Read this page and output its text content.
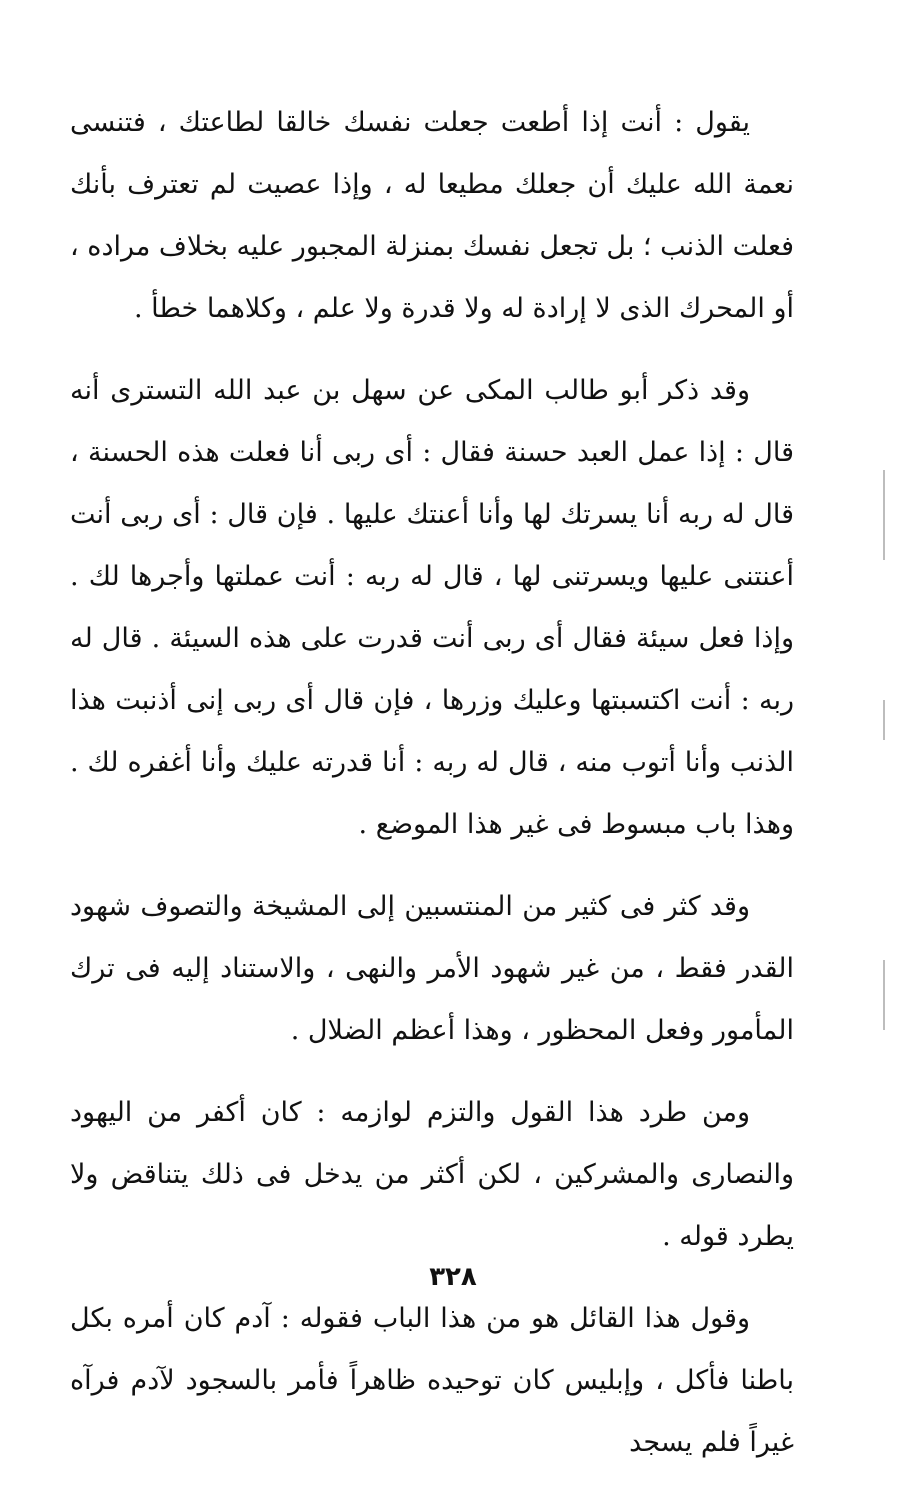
يقول : أنت إذا أطعت جعلت نفسك خالقا لطاعتك ، فتنسى نعمة الله عليك أن جعلك مطيعا له ، وإذا عصيت لم تعترف بأنك فعلت الذنب ؛ بل تجعل نفسك بمنزلة المجبور عليه بخلاف مراده ، أو المحرك الذى لا إرادة له ولا قدرة ولا علم ، وكلاهما خطأ .

وقد ذكر أبو طالب المكى عن سهل بن عبد الله التسترى أنه قال : إذا عمل العبد حسنة فقال : أى ربى أنا فعلت هذه الحسنة ، قال له ربه أنا يسرتك لها وأنا أعنتك عليها . فإن قال : أى ربى أنت أعنتنى عليها ويسرتنى لها ، قال له ربه : أنت عملتها وأجرها لك . وإذا فعل سيئة فقال أى ربى أنت قدرت على هذه السيئة . قال له ربه : أنت اكتسبتها وعليك وزرها ، فإن قال أى ربى إنى أذنبت هذا الذنب وأنا أتوب منه ، قال له ربه : أنا قدرته عليك وأنا أغفره لك . وهذا باب مبسوط فى غير هذا الموضع .

وقد كثر فى كثير من المنتسبين إلى المشيخة والتصوف شهود القدر فقط ، من غير شهود الأمر والنهى ، والاستناد إليه فى ترك المأمور وفعل المحظور ، وهذا أعظم الضلال .

ومن طرد هذا القول والتزم لوازمه : كان أكفر من اليهود والنصارى والمشركين ، لكن أكثر من يدخل فى ذلك يتناقض ولا يطرد قوله .

وقول هذا القائل هو من هذا الباب فقوله : آدم كان أمره بكل باطنا فأكل ، وإبليس كان توحيده ظاهراً فأمر بالسجود لآدم فرآه غيراً فلم يسجد

٣٢٨
